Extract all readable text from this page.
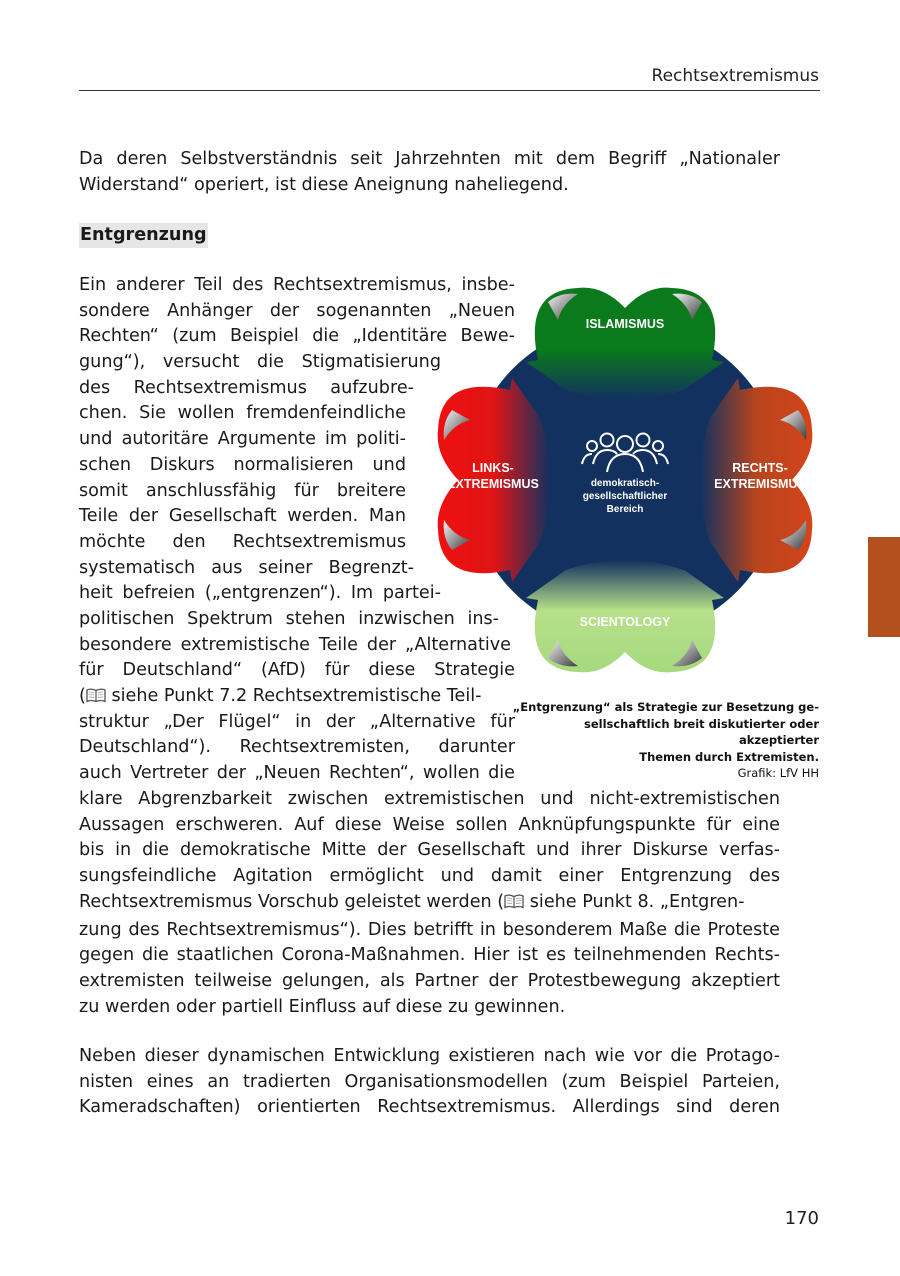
Rechtsextremismus
Da deren Selbstverständnis seit Jahrzehnten mit dem Begriff „Nationaler
Widerstand“ operiert, ist diese Aneignung naheliegend.
Entgrenzung
Ein anderer Teil des Rechtsextremismus, insbe-
sondere Anhänger der sogenannten „Neuen
Rechten“ (zum Beispiel die „Identitäre Bewe-
gung“), versucht die Stigmatisierung
des Rechtsextremismus aufzubre-
chen. Sie wollen fremdenfeindliche
und autoritäre Argumente im politi-
schen Diskurs normalisieren und
somit anschlussfähig für breitere
Teile der Gesellschaft werden. Man
möchte den Rechtsextremismus
systematisch aus seiner Begrenzt-
heit befreien („entgrenzen“). Im partei-
politischen Spektrum stehen inzwischen ins-
besondere extremistische Teile der „Alternative
für Deutschland“ (AfD) für diese Strategie
( siehe Punkt 7.2 Rechtsextremistische Teil-
struktur „Der Flügel“ in der „Alternative für
Deutschland“). Rechtsextremisten, darunter
auch Vertreter der „Neuen Rechten“, wollen die
klare Abgrenzbarkeit zwischen extremistischen und nicht-extremistischen
Aussagen erschweren. Auf diese Weise sollen Anknüpfungspunkte für eine
bis in die demokratische Mitte der Gesellschaft und ihrer Diskurse verfas-
sungsfeindliche Agitation ermöglicht und damit einer Entgrenzung des
Rechtsextremismus Vorschub geleistet werden ( siehe Punkt 8. „Entgren-
zung des Rechtsextremismus“). Dies betrifft in besonderem Maße die Proteste
gegen die staatlichen Corona-Maßnahmen. Hier ist es teilnehmenden Rechts-
extremisten teilweise gelungen, als Partner der Protestbewegung akzeptiert
zu werden oder partiell Einfluss auf diese zu gewinnen.
Neben dieser dynamischen Entwicklung existieren nach wie vor die Protago-
nisten eines an tradierten Organisationsmodellen (zum Beispiel Parteien,
Kameradschaften) orientierten Rechtsextremismus. Allerdings sind deren
ISLAMISMUS
LINKS-
EXTREMISMUS
RECHTS-
EXTREMISMUS
SCIENTOLOGY
demokratisch-
gesellschaftlicher
Bereich
„Entgrenzung“ als Strategie zur Besetzung ge-
sellschaftlich breit diskutierter oder akzeptierter
Themen durch Extremisten.
Grafik: LfV HH
170
